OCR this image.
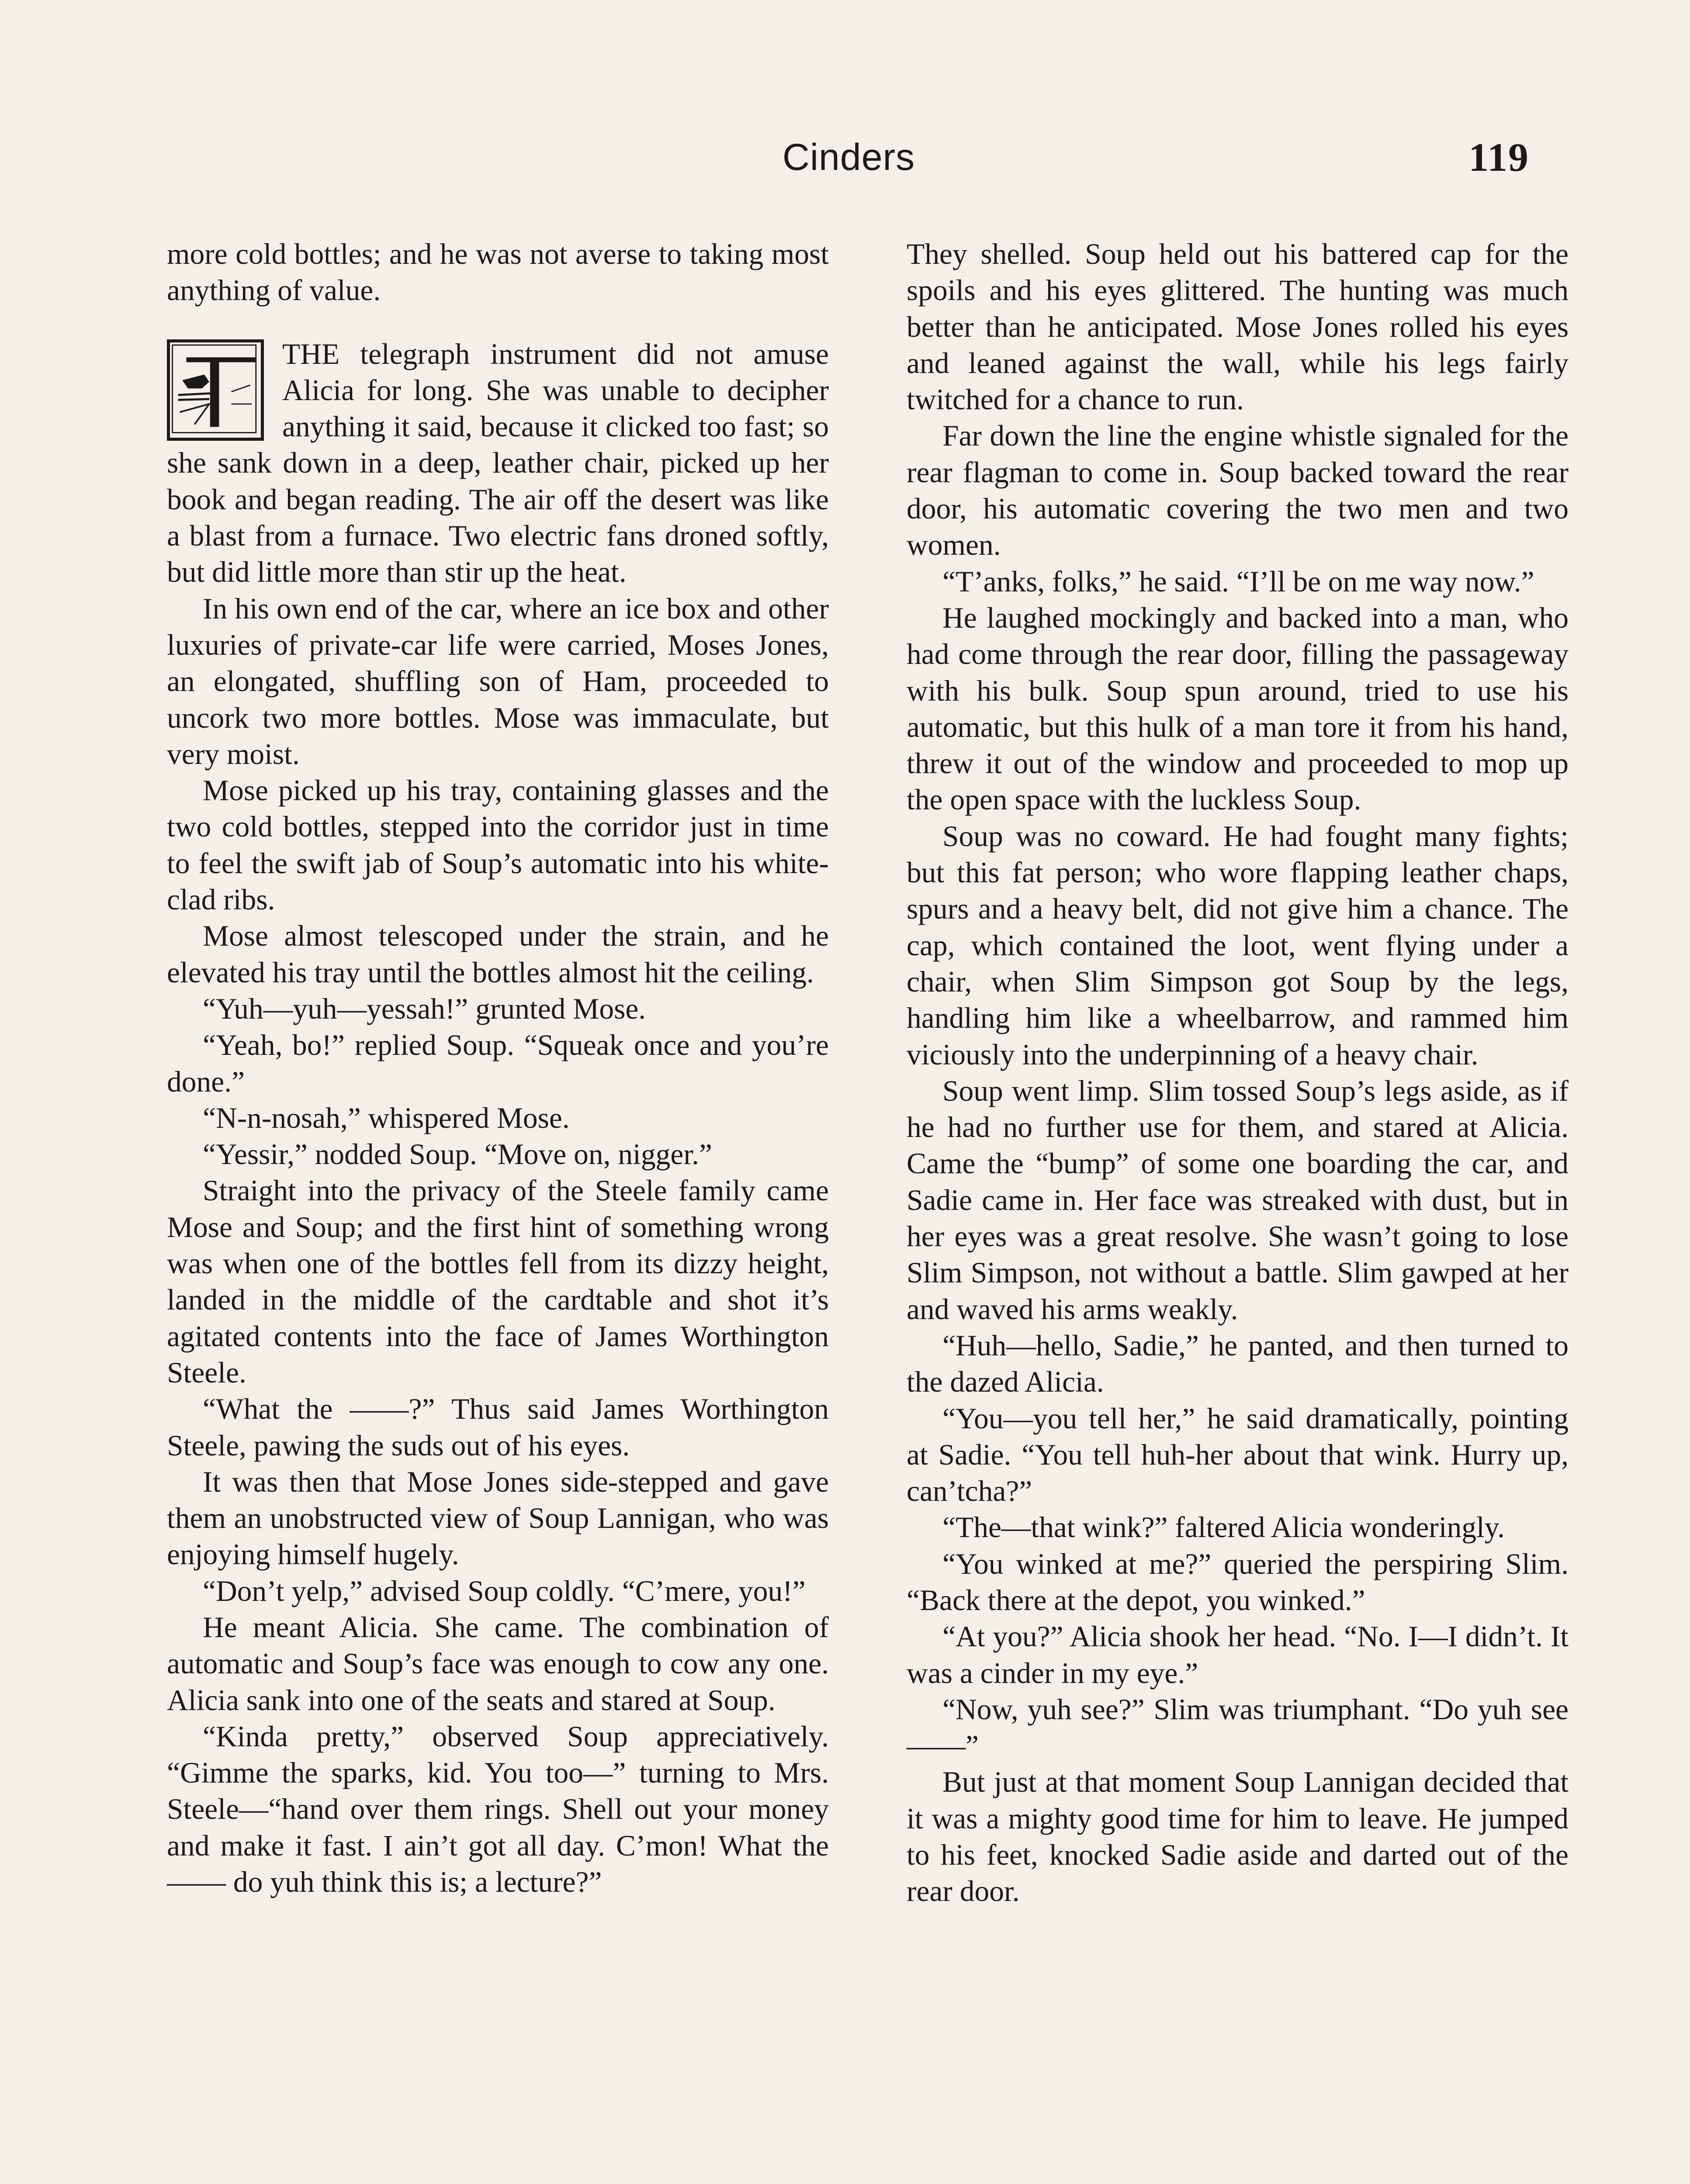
Cinders	119

more cold bottles; and he was not averse to taking most anything of value.

THE telegraph instrument did not amuse Alicia for long. She was unable to decipher anything it said, because it clicked too fast; so she sank down in a deep, leather chair, picked up her book and began reading. The air off the desert was like a blast from a furnace. Two electric fans droned softly, but did little more than stir up the heat.

In his own end of the car, where an ice box and other luxuries of private-car life were carried, Moses Jones, an elongated, shuffling son of Ham, proceeded to uncork two more bottles. Mose was immaculate, but very moist.

Mose picked up his tray, containing glasses and the two cold bottles, stepped into the corridor just in time to feel the swift jab of Soup’s automatic into his white-clad ribs.

Mose almost telescoped under the strain, and he elevated his tray until the bottles almost hit the ceiling.

“Yuh—yuh—yessah!” grunted Mose.

“Yeah, bo!” replied Soup. “Squeak once and you’re done.”

“N-n-nosah,” whispered Mose.

“Yessir,” nodded Soup. “Move on, nigger.”

Straight into the privacy of the Steele family came Mose and Soup; and the first hint of something wrong was when one of the bottles fell from its dizzy height, landed in the middle of the cardtable and shot it’s agitated contents into the face of James Worthington Steele.

“What the ——?” Thus said James Worthington Steele, pawing the suds out of his eyes.

It was then that Mose Jones side-stepped and gave them an unobstructed view of Soup Lannigan, who was enjoying himself hugely.

“Don’t yelp,” advised Soup coldly. “C’mere, you!”

He meant Alicia. She came. The combination of automatic and Soup’s face was enough to cow any one. Alicia sank into one of the seats and stared at Soup.

“Kinda pretty,” observed Soup appreciatively. “Gimme the sparks, kid. You too—” turning to Mrs. Steele—“hand over them rings. Shell out your money and make it fast. I ain’t got all day. C’mon! What the —— do yuh think this is; a lecture?”

They shelled. Soup held out his battered cap for the spoils and his eyes glittered. The hunting was much better than he anticipated. Mose Jones rolled his eyes and leaned against the wall, while his legs fairly twitched for a chance to run.

Far down the line the engine whistle signaled for the rear flagman to come in. Soup backed toward the rear door, his automatic covering the two men and two women.

“T’anks, folks,” he said. “I’ll be on me way now.”

He laughed mockingly and backed into a man, who had come through the rear door, filling the passageway with his bulk. Soup spun around, tried to use his automatic, but this hulk of a man tore it from his hand, threw it out of the window and proceeded to mop up the open space with the luckless Soup.

Soup was no coward. He had fought many fights; but this fat person; who wore flapping leather chaps, spurs and a heavy belt, did not give him a chance. The cap, which contained the loot, went flying under a chair, when Slim Simpson got Soup by the legs, handling him like a wheelbarrow, and rammed him viciously into the underpinning of a heavy chair.

Soup went limp. Slim tossed Soup’s legs aside, as if he had no further use for them, and stared at Alicia. Came the “bump” of some one boarding the car, and Sadie came in. Her face was streaked with dust, but in her eyes was a great resolve. She wasn’t going to lose Slim Simpson, not without a battle. Slim gawped at her and waved his arms weakly.

“Huh—hello, Sadie,” he panted, and then turned to the dazed Alicia.

“You—you tell her,” he said dramatically, pointing at Sadie. “You tell huh-her about that wink. Hurry up, can’tcha?”

“The—that wink?” faltered Alicia wonderingly.

“You winked at me?” queried the perspiring Slim. “Back there at the depot, you winked.”

“At you?” Alicia shook her head. “No. I—I didn’t. It was a cinder in my eye.”

“Now, yuh see?” Slim was triumphant. “Do yuh see——”

But just at that moment Soup Lannigan decided that it was a mighty good time for him to leave. He jumped to his feet, knocked Sadie aside and darted out of the rear door.
